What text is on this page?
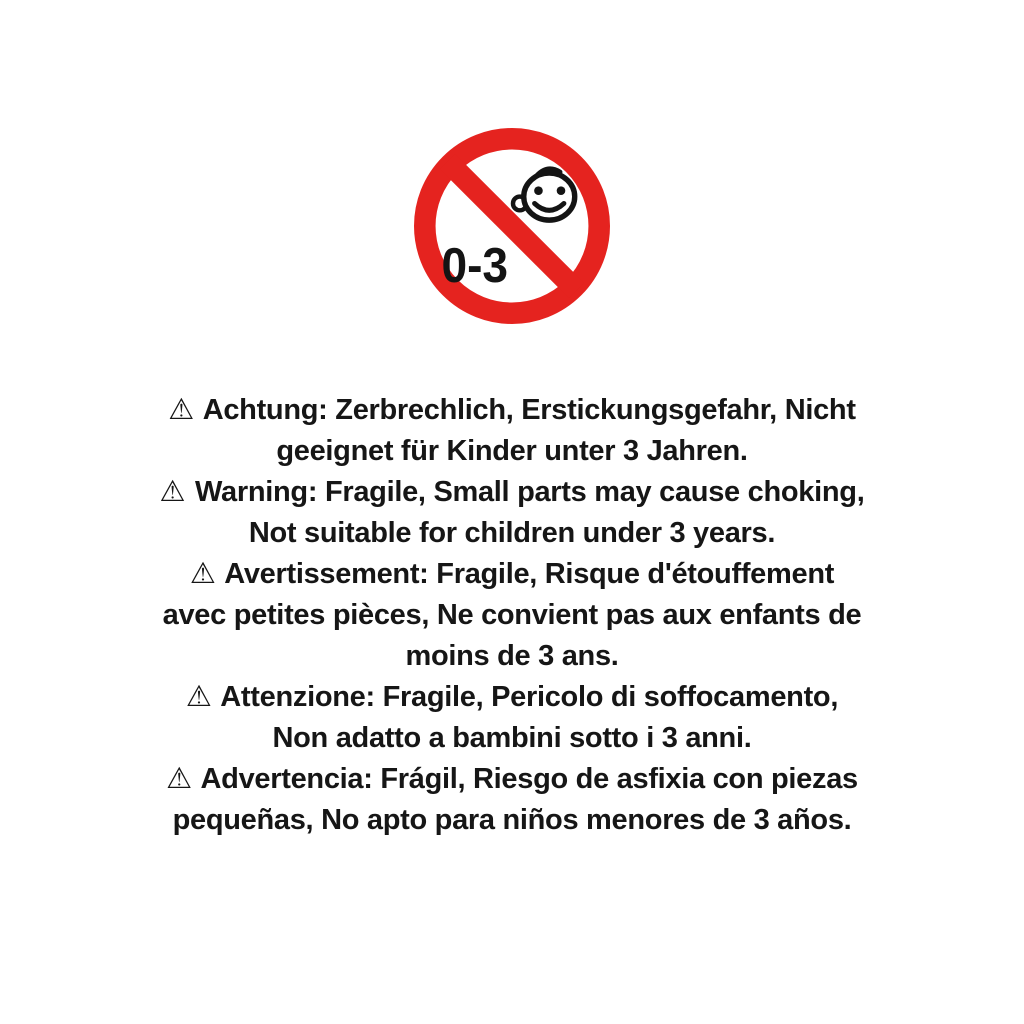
0-3
⚠ Achtung: Zerbrechlich, Erstickungsgefahr, Nicht
geeignet für Kinder unter 3 Jahren.
⚠ Warning: Fragile, Small parts may cause choking,
Not suitable for children under 3 years.
⚠ Avertissement: Fragile, Risque d'étouffement
avec petites pièces, Ne convient pas aux enfants de
moins de 3 ans.
⚠ Attenzione: Fragile, Pericolo di soffocamento,
Non adatto a bambini sotto i 3 anni.
⚠ Advertencia: Frágil, Riesgo de asfixia con piezas
pequeñas, No apto para niños menores de 3 años.
